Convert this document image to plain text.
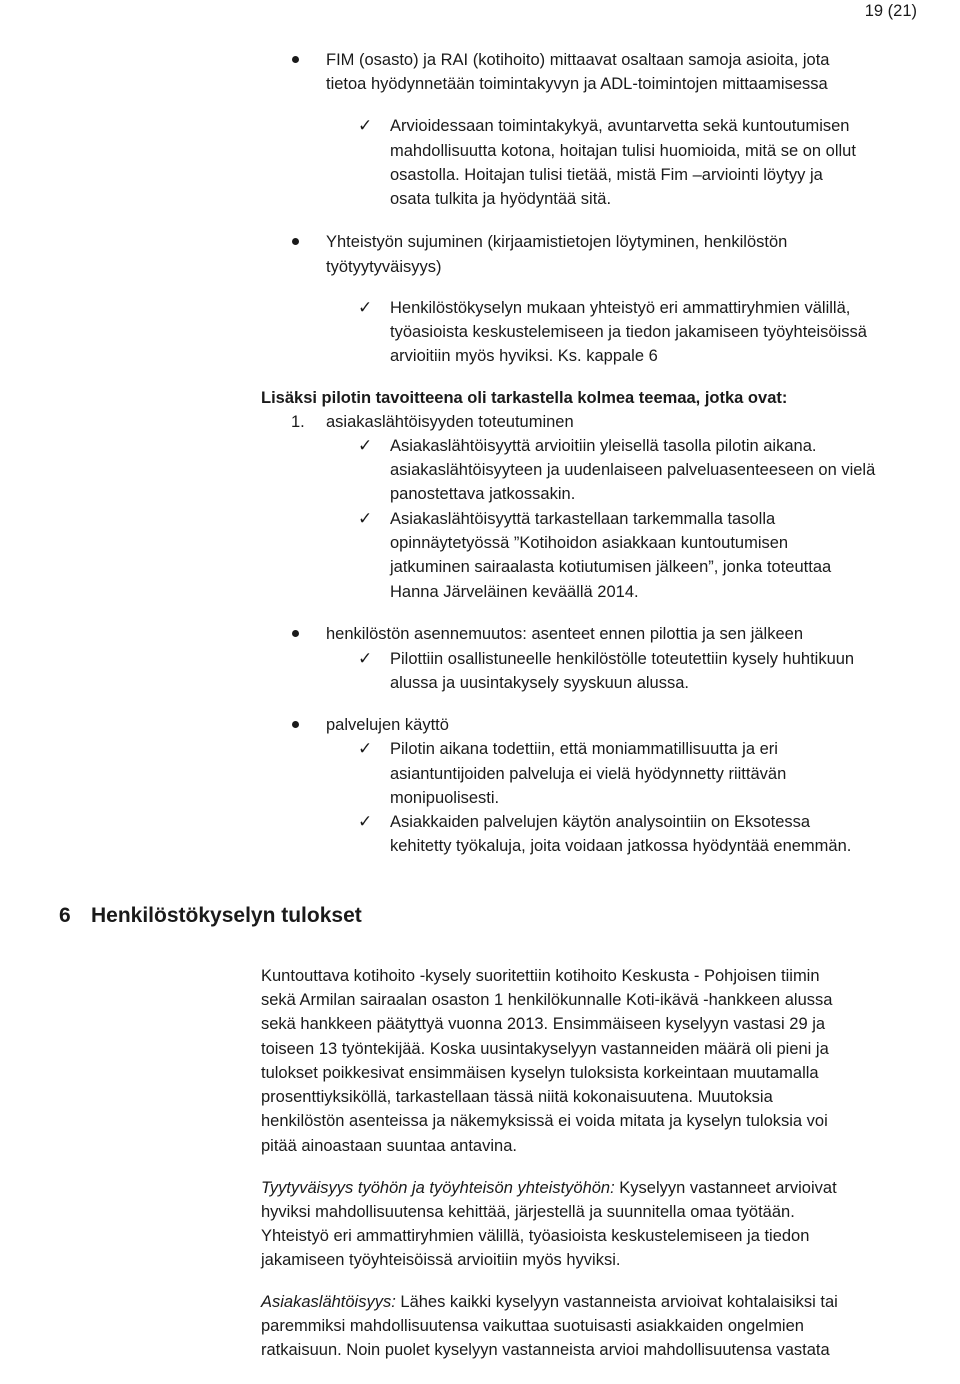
19 (21)
FIM (osasto) ja RAI (kotihoito) mittaavat osaltaan samoja asioita, jota
tietoa hyödynnetään toimintakyvyn ja ADL-toimintojen mittaamisessa
✓ Arvioidessaan toimintakykyä, avuntarvetta sekä kuntoutumisen
mahdollisuutta kotona, hoitajan tulisi huomioida, mitä se on ollut
osastolla. Hoitajan tulisi tietää, mistä Fim –arviointi löytyy ja
osata tulkita ja hyödyntää sitä.
Yhteistyön sujuminen (kirjaamistietojen löytyminen, henkilöstön
työtyytyväisyys)
✓ Henkilöstökyselyn mukaan yhteistyö eri ammattiryhmien välillä,
työasioista keskustelemiseen ja tiedon jakamiseen työyhteisöissä
arvioitiin myös hyviksi. Ks. kappale 6
Lisäksi pilotin tavoitteena oli tarkastella kolmea teemaa, jotka ovat:
1. asiakaslähtöisyyden toteutuminen
✓ Asiakaslähtöisyyttä arvioitiin yleisellä tasolla pilotin aikana.
asiakaslähtöisyyteen ja uudenlaiseen palveluasenteeseen on vielä
panostettava jatkossakin.
✓ Asiakaslähtöisyyttä tarkastellaan tarkemmalla tasolla
opinnäytetyössä ”Kotihoidon asiakkaan kuntoutumisen
jatkuminen sairaalasta kotiutumisen jälkeen”, jonka toteuttaa
Hanna Järveläinen keväällä 2014.
henkilöstön asennemuutos: asenteet ennen pilottia ja sen jälkeen
✓ Pilottiin osallistuneelle henkilöstölle toteutettiin kysely huhtikuun
alussa ja uusintakysely syyskuun alussa.
palvelujen käyttö
✓ Pilotin aikana todettiin, että moniammatillisuutta ja eri
asiantuntijoiden palveluja ei vielä hyödynnetty riittävän
monipuolisesti.
✓ Asiakkaiden palvelujen käytön analysointiin on Eksotessa
kehitetty työkaluja, joita voidaan jatkossa hyödyntää enemmän.
6 Henkilöstökyselyn tulokset
Kuntouttava kotihoito -kysely suoritettiin kotihoito Keskusta - Pohjoisen tiimin
sekä Armilan sairaalan osaston 1 henkilökunnalle Koti-ikävä -hankkeen alussa
sekä hankkeen päätyttyä vuonna 2013. Ensimmäiseen kyselyyn vastasi 29 ja
toiseen 13 työntekijää. Koska uusintakyselyyn vastanneiden määrä oli pieni ja
tulokset poikkesivat ensimmäisen kyselyn tuloksista korkeintaan muutamalla
prosenttiyksiköllä, tarkastellaan tässä niitä kokonaisuutena. Muutoksia
henkilöstön asenteissa ja näkemyksissä ei voida mitata ja kyselyn tuloksia voi
pitää ainoastaan suuntaa antavina.
Tyytyväisyys työhön ja työyhteisön yhteistyöhön: Kyselyyn vastanneet arvioivat
hyviksi mahdollisuutensa kehittää, järjestellä ja suunnitella omaa työtään.
Yhteistyö eri ammattiryhmien välillä, työasioista keskustelemiseen ja tiedon
jakamiseen työyhteisöissä arvioitiin myös hyviksi.
Asiakaslähtöisyys: Lähes kaikki kyselyyn vastanneista arvioivat kohtalaisiksi tai
paremmiksi mahdollisuutensa vaikuttaa suotuisasti asiakkaiden ongelmien
ratkaisuun. Noin puolet kyselyyn vastanneista arvioi mahdollisuutensa vastata
